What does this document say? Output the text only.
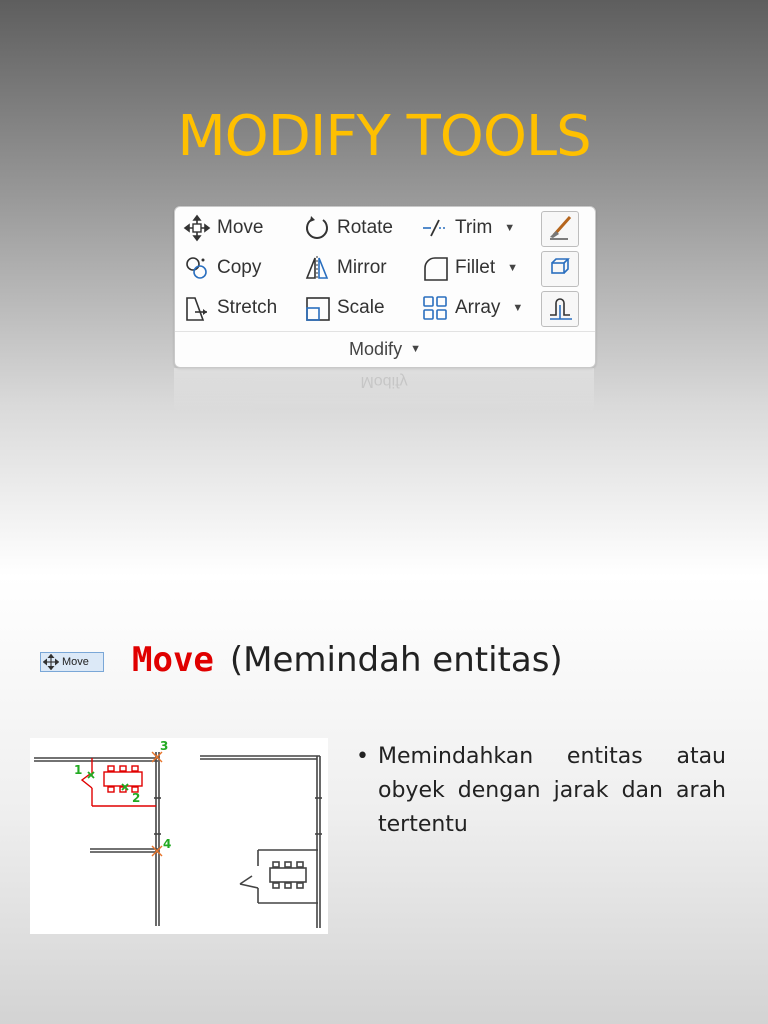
MODIFY TOOLS
Move	Rotate	Trim ▼
Copy	Mirror	Fillet ▼
Stretch	Scale	Array ▼
Modify ▼
Modify
Move Move (Memindah entitas)
1
2
3
4
• Memindahkan entitas atau obyek dengan jarak dan arah tertentu
